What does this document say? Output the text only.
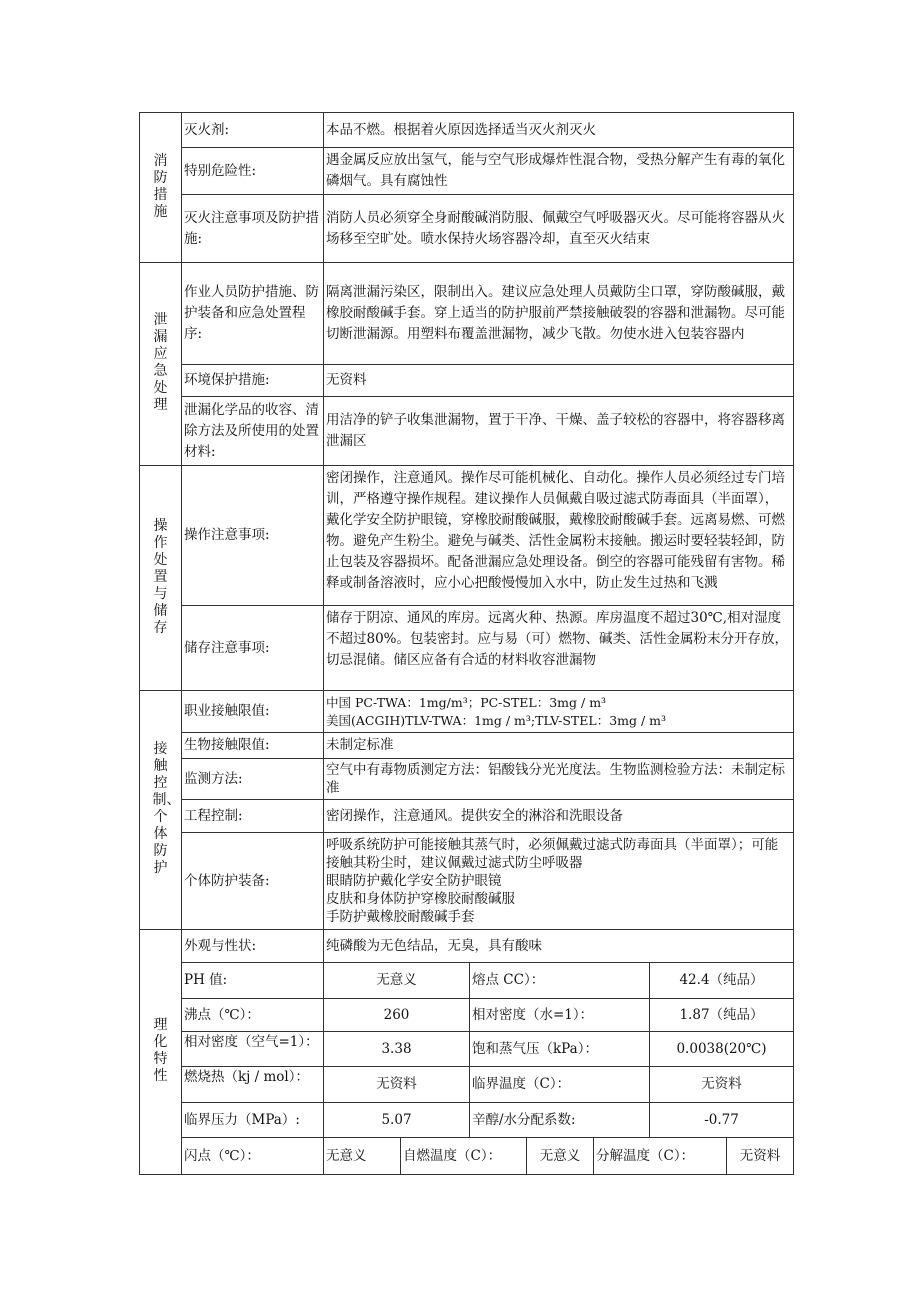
消防措施	灭火剂:	本品不燃。根据着火原因选择适当灭火剂灭火
特别危险性:	遇金属反应放出氢气，能与空气形成爆炸性混合物，受热分解产生有毒的氧化磷烟气。具有腐蚀性
灭火注意事项及防护措施:	消防人员必须穿全身耐酸碱消防服、佩戴空气呼吸器灭火。尽可能将容器从火场移至空旷处。喷水保持火场容器冷却，直至灭火结束
泄漏应急处理	作业人员防护措施、防护装备和应急处置程序:	隔离泄漏污染区，限制出入。建议应急处理人员戴防尘口罩，穿防酸碱服，戴橡胶耐酸碱手套。穿上适当的防护服前严禁接触破裂的容器和泄漏物。尽可能切断泄漏源。用塑料布覆盖泄漏物，减少飞散。勿使水进入包装容器内
环境保护措施:	无资料
泄漏化学品的收容、清除方法及所使用的处置材料:	用洁净的铲子收集泄漏物，置于干净、干燥、盖子较松的容器中，将容器移离泄漏区
操作处置与储存	操作注意事项:	密闭操作，注意通风。操作尽可能机械化、自动化。操作人员必须经过专门培训，严格遵守操作规程。建议操作人员佩戴自吸过滤式防毒面具（半面罩），戴化学安全防护眼镜，穿橡胶耐酸碱服，戴橡胶耐酸碱手套。远离易燃、可燃物。避免产生粉尘。避免与碱类、活性金属粉末接触。搬运时要轻装轻卸，防止包装及容器损坏。配备泄漏应急处理设备。倒空的容器可能残留有害物。稀释或制备溶液时，应小心把酸慢慢加入水中，防止发生过热和飞溅
储存注意事项:	储存于阴凉、通风的库房。远离火种、热源。库房温度不超过30℃,相对湿度不超过80%。包装密封。应与易（可）燃物、碱类、活性金属粉末分开存放，切忌混储。储区应备有合适的材料收容泄漏物
接触控制、个体防护	职业接触限值:	
中国 PC-TWA：1mg/m³；PC-STEL：3mg / m³
美国(ACGIH)TLV-TWA：1mg / m³;TLV-STEL：3mg / m³

生物接触限值:	未制定标准
监测方法:	空气中有毒物质测定方法：铝酸钱分光光度法。生物监测检验方法：未制定标准
工程控制:	密闭操作，注意通风。提供安全的淋浴和洗眼设备
个体防护装备:	
呼吸系统防护可能接触其蒸气时，必须佩戴过滤式防毒面具（半面罩）；可能接触其粉尘时，建议佩戴过滤式防尘呼吸器
眼睛防护戴化学安全防护眼镜
皮肤和身体防护穿橡胶耐酸碱服
手防护戴橡胶耐酸碱手套

理化特性	外观与性状:	纯磷酸为无色结品，无臭，具有酸味
PH 值:		无意义	熔点 CC）：	42.4（纯品）

沸点（℃）：		260	相对密度（水=1）：	1.87（纯品）

相对密度（空气=1）：		3.38	饱和蒸气压（kPa）：	0.0038(20℃)

燃烧热（kj / mol）：		无资料	临界温度（C）：	无资料

临界压力（MPa）:		5.07	辛醇/水分配系数:	-0.77

闪点（℃）：		无意义	自燃温度（C）：	无意义	分解温度（C）：	无资料
